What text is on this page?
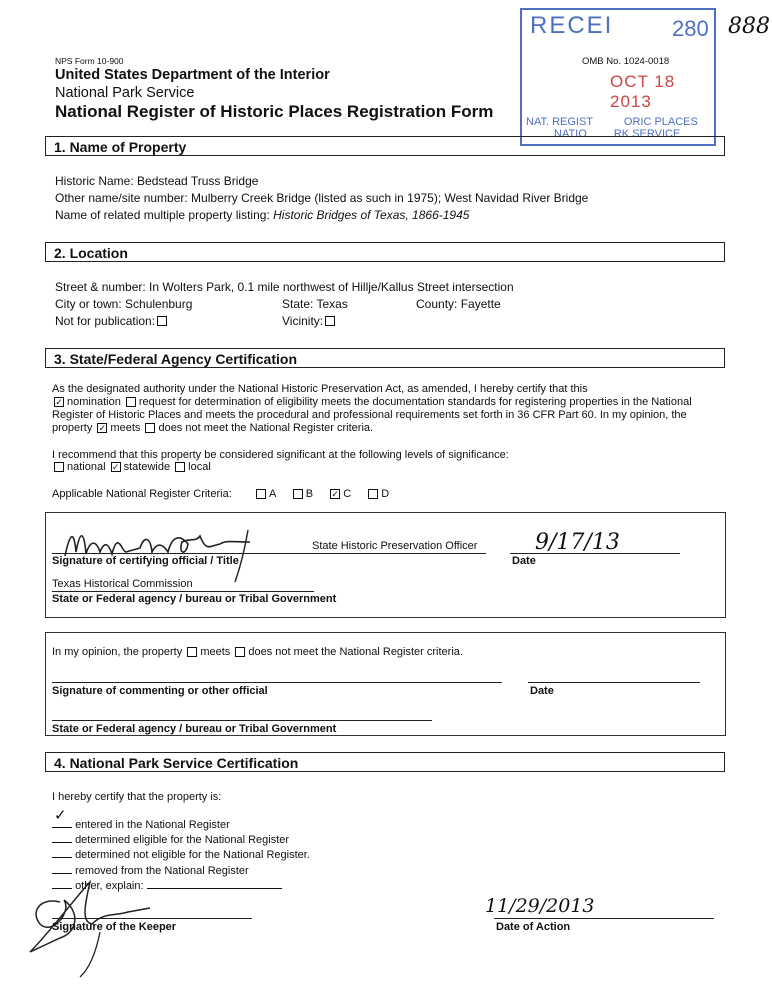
NPS Form 10-900	OMB No. 1024-0018
United States Department of the Interior
National Park Service
National Register of Historic Places Registration Form
RECEI	280
OCT 18 2013
NAT. REGIST	ORIC PLACES
NATIO RK SERVICE
888
1. Name of Property
Historic Name: Bedstead Truss Bridge
Other name/site number: Mulberry Creek Bridge (listed as such in 1975); West Navidad River Bridge
Name of related multiple property listing: Historic Bridges of Texas, 1866-1945
2. Location
Street & number: In Wolters Park, 0.1 mile northwest of Hillje/Kallus Street intersection
City or town: Schulenburg	State: Texas	County: Fayette
Not for publication:	Vicinity:
3. State/Federal Agency Certification
As the designated authority under the National Historic Preservation Act, as amended, I hereby certify that this
✓ nomination request for determination of eligibility meets the documentation standards for registering properties in the National
Register of Historic Places and meets the procedural and professional requirements set forth in 36 CFR Part 60. In my opinion, the
property ✓ meets does not meet the National Register criteria.
I recommend that this property be considered significant at the following levels of significance:
national ✓ statewide local
Applicable National Register Criteria:	A	B ✓ C	D
State Historic Preservation Officer
Signature of certifying official / Title
9/17/13
Date
Texas Historical Commission
State or Federal agency / bureau or Tribal Government
In my opinion, the property meets does not meet the National Register criteria.
Signature of commenting or other official	Date
State or Federal agency / bureau or Tribal Government
4. National Park Service Certification
I hereby certify that the property is:
✓
entered in the National Register
determined eligible for the National Register
determined not eligible for the National Register.
removed from the National Register
other, explain:
Signature of the Keeper
11/29/2013
Date of Action
